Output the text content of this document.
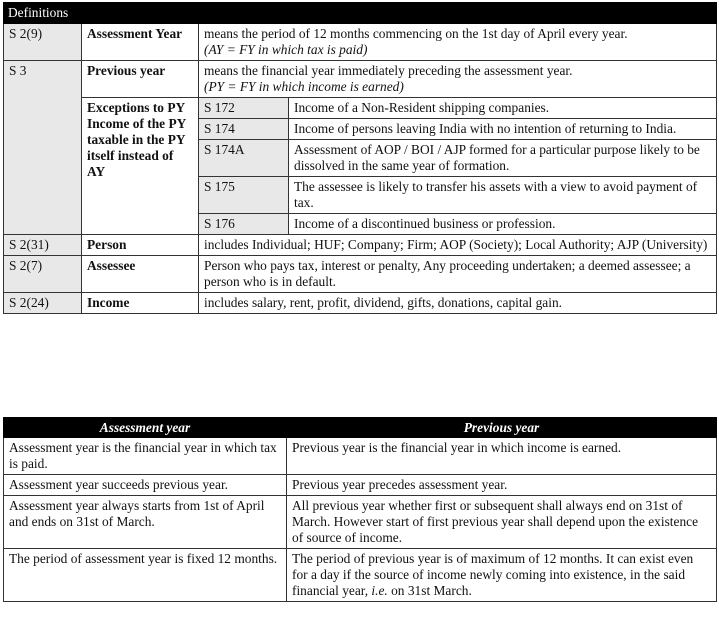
Definitions			
S 2(9)	Assessment Year	means the period of 12 months commencing on the 1st day of April every year.
(AY = FY in which tax is paid)	

S 3	Previous year	means the financial year immediately preceding the assessment year.
(PY = FY in which income is earned)	

	Exceptions to PY Income of the PY taxable in the PY itself instead of AY	S 172	Income of a Non-Resident shipping companies.
		S 174	Income of persons leaving India with no intention of returning to India.
		S 174A	Assessment of AOP / BOI / AJP formed for a particular purpose likely to be dissolved in the same year of formation.
		S 175	The assessee is likely to transfer his assets with a view to avoid payment of tax.
		S 176	Income of a discontinued business or profession.
S 2(31)	Person	includes Individual; HUF; Company; Firm; AOP (Society); Local Authority; AJP (University)	
S 2(7)	Assessee	Person who pays tax, interest or penalty, Any proceeding undertaken; a deemed assessee; a person who is in default.	
S 2(24)	Income	includes salary, rent, profit, dividend, gifts, donations, capital gain.	
Assessment year	Previous year
Assessment year is the financial year in which tax is paid.	Previous year is the financial year in which income is earned.
Assessment year succeeds previous year.	Previous year precedes assessment year.
Assessment year always starts from 1st of April and ends on 31st of March.	All previous year whether first or subsequent shall always end on 31st of March. However start of first previous year shall depend upon the existence of source of income.
The period of assessment year is fixed 12 months.	The period of previous year is of maximum of 12 months. It can exist even for a day if the source of income newly coming into existence, in the said financial year, i.e. on 31st March.
